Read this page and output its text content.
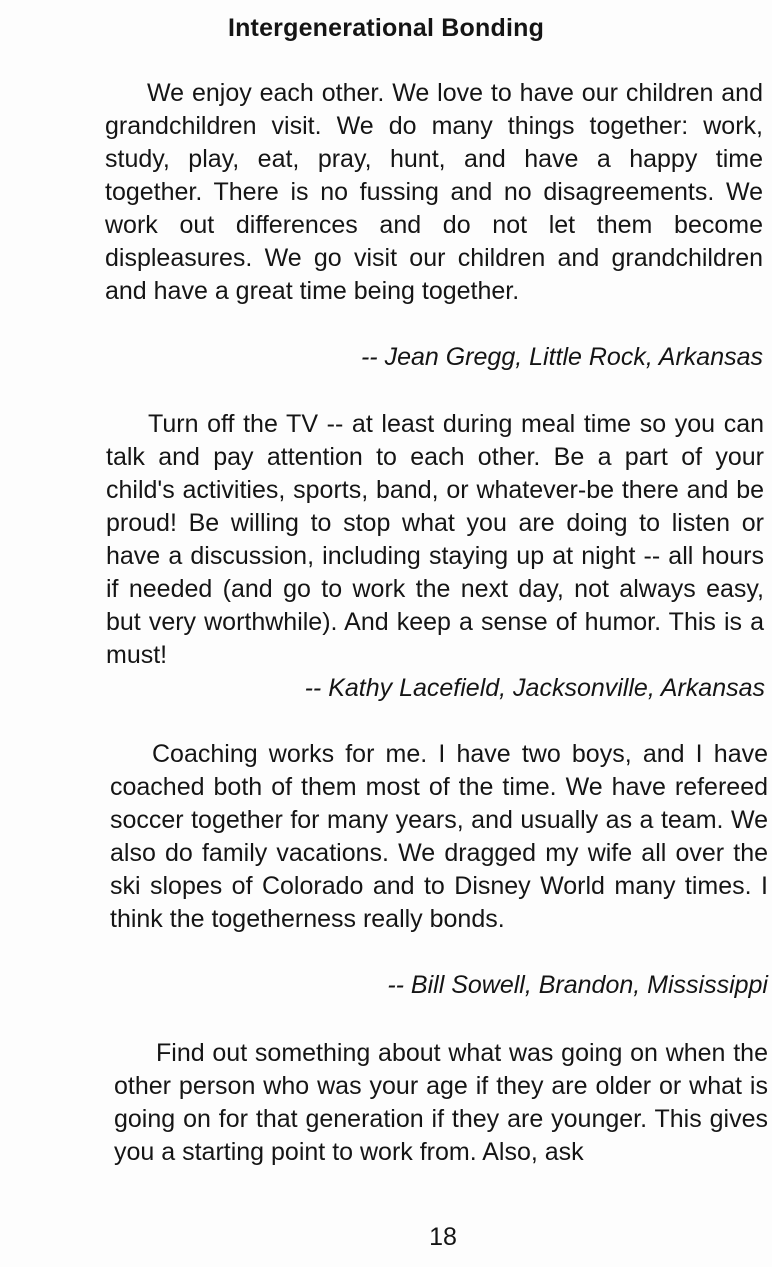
Intergenerational Bonding

We enjoy each other. We love to have our children and grandchildren visit. We do many things together: work, study, play, eat, pray, hunt, and have a happy time together. There is no fussing and no disagreements. We work out differences and do not let them become displeasures. We go visit our children and grandchildren and have a great time being together.

-- Jean Gregg, Little Rock, Arkansas

Turn off the TV -- at least during meal time so you can talk and pay attention to each other. Be a part of your child's activities, sports, band, or whatever-be there and be proud! Be willing to stop what you are doing to listen or have a discussion, including staying up at night -- all hours if needed (and go to work the next day, not always easy, but very worthwhile). And keep a sense of humor. This is a must!

-- Kathy Lacefield, Jacksonville, Arkansas

Coaching works for me. I have two boys, and I have coached both of them most of the time. We have refereed soccer together for many years, and usually as a team. We also do family vacations. We dragged my wife all over the ski slopes of Colorado and to Disney World many times. I think the togetherness really bonds.

-- Bill Sowell, Brandon, Mississippi

Find out something about what was going on when the other person who was your age if they are older or what is going on for that generation if they are younger. This gives you a starting point to work from. Also, ask

18
